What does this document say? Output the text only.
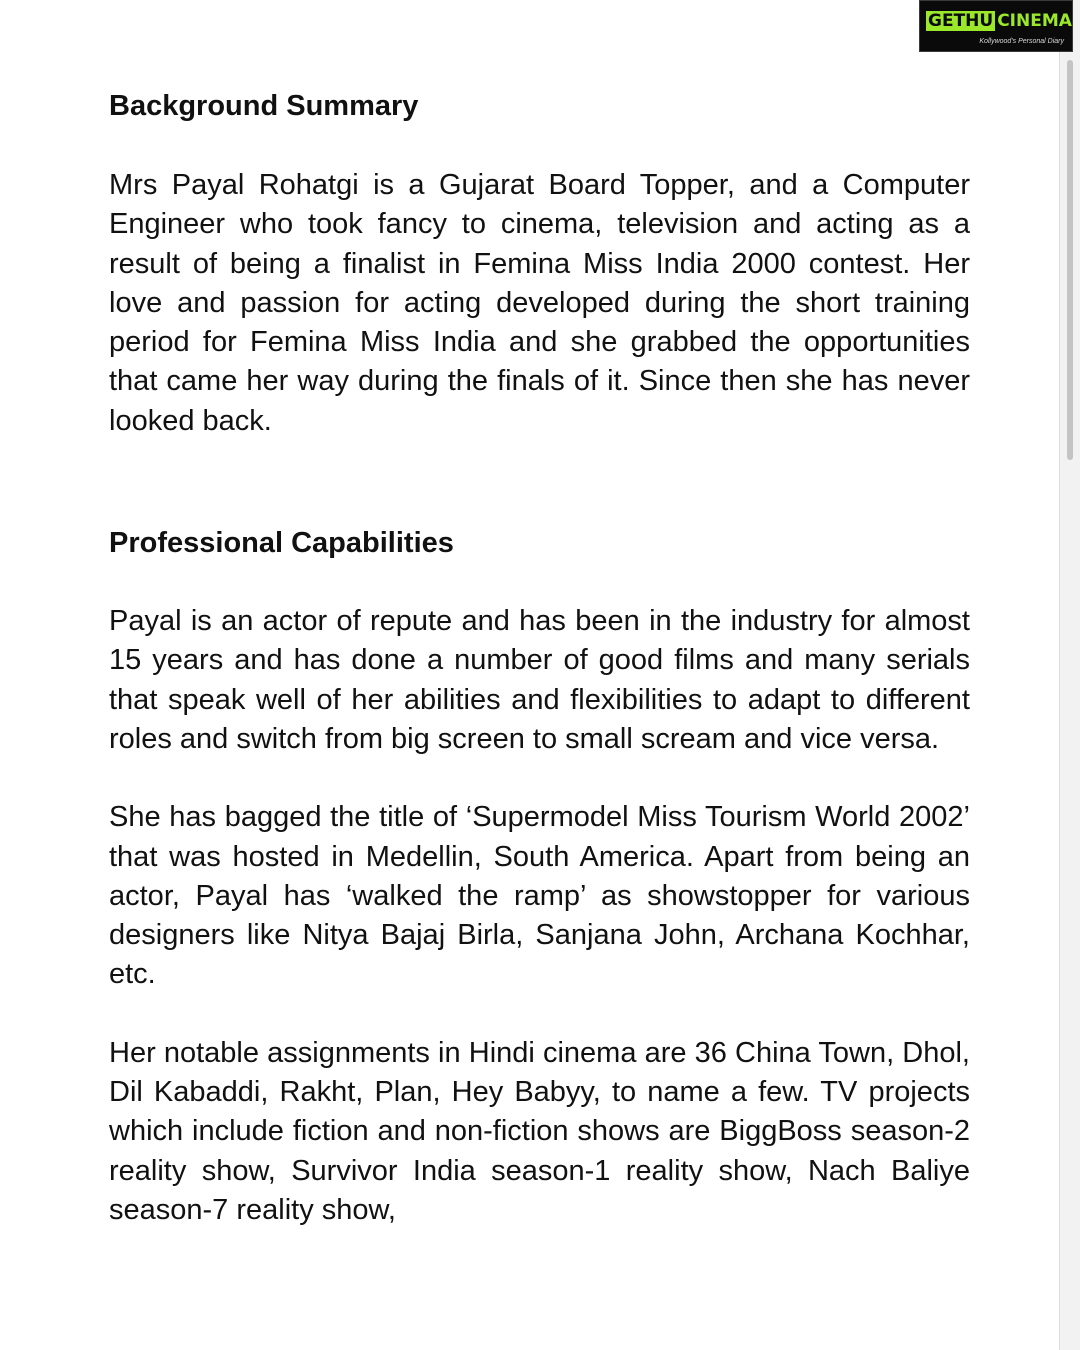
Background Summary

Mrs Payal Rohatgi is a Gujarat Board Topper, and a Computer Engineer who took fancy to cinema, television and acting as a result of being a finalist in Femina Miss India 2000 contest. Her love and passion for acting developed during the short training period for Femina Miss India and she grabbed the opportunities that came her way during the finals of it. Since then she has never looked back.

Professional Capabilities

Payal is an actor of repute and has been in the industry for almost 15 years and has done a number of good films and many serials that speak well of her abilities and flexibilities to adapt to different roles and switch from big screen to small scream and vice versa.

She has bagged the title of ‘Supermodel Miss Tourism World 2002’ that was hosted in Medellin, South America. Apart from being an actor, Payal has ‘walked the ramp’ as showstopper for various designers like Nitya Bajaj Birla, Sanjana John, Archana Kochhar, etc.

Her notable assignments in Hindi cinema are 36 China Town, Dhol, Dil Kabaddi, Rakht, Plan, Hey Babyy, to name a few. TV projects which include fiction and non-fiction shows are BiggBoss season-2 reality show, Survivor India season-1 reality show, Nach Baliye season-7 reality show,

GETHU CINEMA
Kollywood's Personal Diary
